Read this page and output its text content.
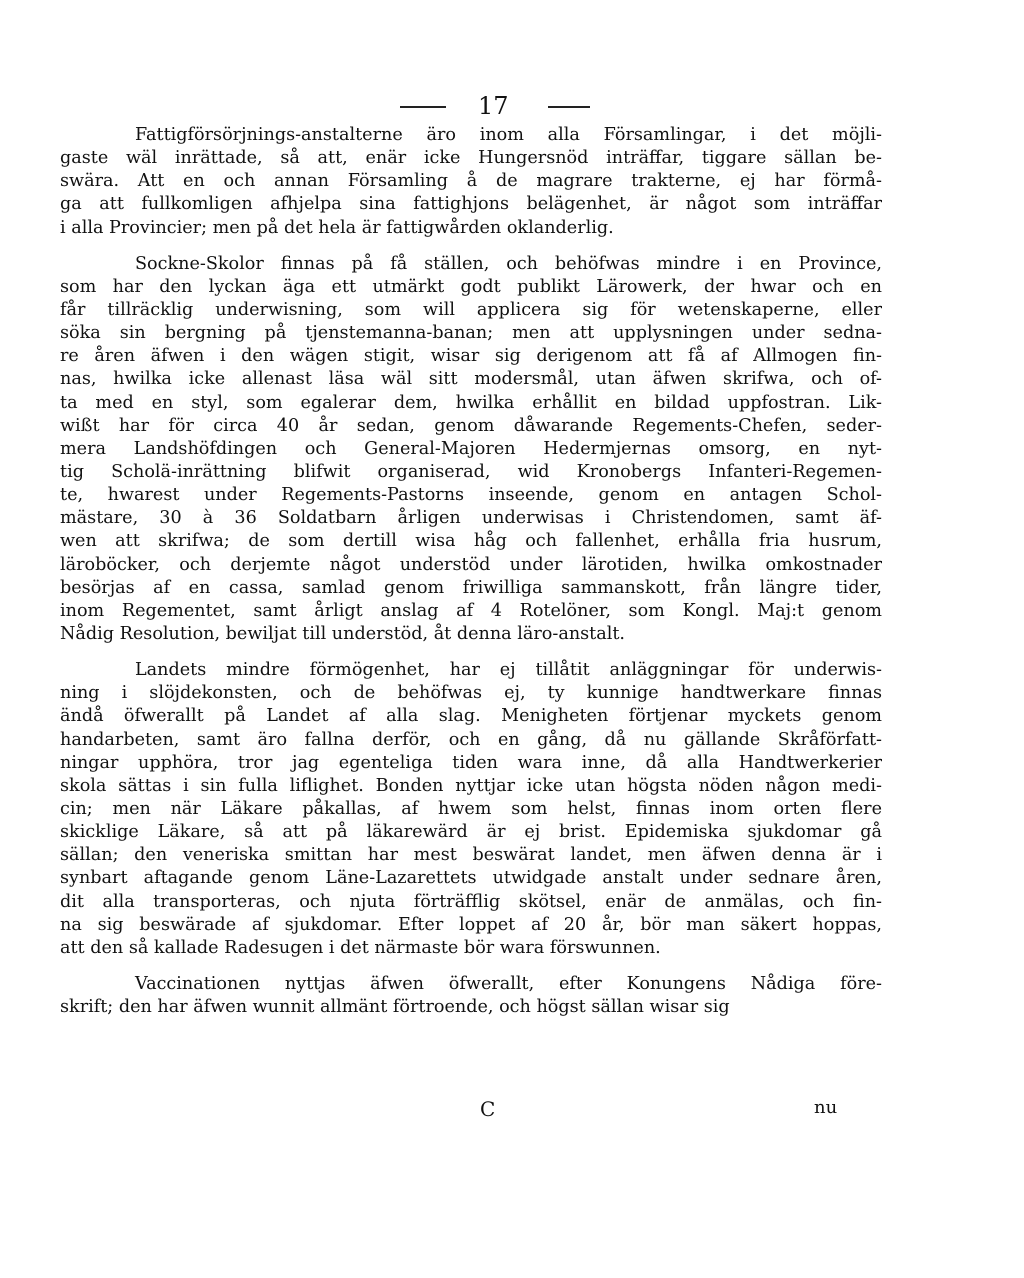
17
Fattigförsörjnings-anstalterne äro inom alla Församlingar, i det möjli-
gaste wäl inrättade, så att, enär icke Hungersnöd inträffar, tiggare sällan be-
swära. Att en och annan Församling å de magrare trakterne, ej har förmå-
ga att fullkomligen afhjelpa sina fattighjons belägenhet, är något som inträffar
i alla Provincier; men på det hela är fattigwården oklanderlig.
Sockne-Skolor finnas på få ställen, och behöfwas mindre i en Province,
som har den lyckan äga ett utmärkt godt publikt Lärowerk, der hwar och en
får tillräcklig underwisning, som will applicera sig för wetenskaperne, eller
söka sin bergning på tjenstemanna-banan; men att upplysningen under sedna-
re åren äfwen i den wägen stigit, wisar sig derigenom att få af Allmogen fin-
nas, hwilka icke allenast läsa wäl sitt modersmål, utan äfwen skrifwa, och of-
ta med en styl, som egalerar dem, hwilka erhållit en bildad uppfostran. Lik-
wißt har för circa 40 år sedan, genom dåwarande Regements-Chefen, seder-
mera Landshöfdingen och General-Majoren Hedermjernas omsorg, en nyt-
tig Scholä-inrättning blifwit organiserad, wid Kronobergs Infanteri-Regemen-
te, hwarest under Regements-Pastorns inseende, genom en antagen Schol-
mästare, 30 à 36 Soldatbarn årligen underwisas i Christendomen, samt äf-
wen att skrifwa; de som dertill wisa håg och fallenhet, erhålla fria husrum,
läroböcker, och derjemte något understöd under lärotiden, hwilka omkostnader
besörjas af en cassa, samlad genom friwilliga sammanskott, från längre tider,
inom Regementet, samt årligt anslag af 4 Rotelöner, som Kongl. Maj:t genom
Nådig Resolution, bewiljat till understöd, åt denna läro-anstalt.
Landets mindre förmögenhet, har ej tillåtit anläggningar för underwis-
ning i slöjdekonsten, och de behöfwas ej, ty kunnige handtwerkare finnas
ändå öfwerallt på Landet af alla slag. Menigheten förtjenar myckets genom
handarbeten, samt äro fallna derför, och en gång, då nu gällande Skråförfatt-
ningar upphöra, tror jag egenteliga tiden wara inne, då alla Handtwerkerier
skola sättas i sin fulla liflighet. Bonden nyttjar icke utan högsta nöden någon medi-
cin; men när Läkare påkallas, af hwem som helst, finnas inom orten flere
skicklige Läkare, så att på läkarewärd är ej brist. Epidemiska sjukdomar gå
sällan; den veneriska smittan har mest beswärat landet, men äfwen denna är i
synbart aftagande genom Läne-Lazarettets utwidgade anstalt under sednare åren,
dit alla transporteras, och njuta förträfflig skötsel, enär de anmälas, och fin-
na sig beswärade af sjukdomar. Efter loppet af 20 år, bör man säkert hoppas,
att den så kallade Radesugen i det närmaste bör wara förswunnen.
Vaccinationen nyttjas äfwen öfwerallt, efter Konungens Nådiga före-
skrift; den har äfwen wunnit allmänt förtroende, och högst sällan wisar sig
C	nu
